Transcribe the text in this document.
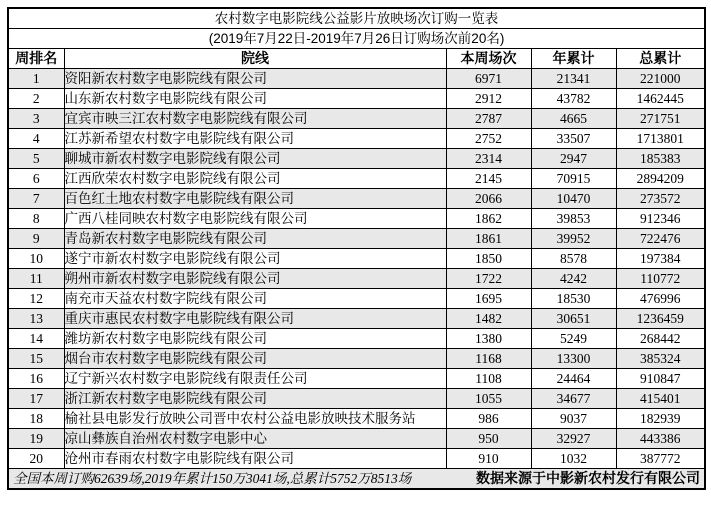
农村数字电影院线公益影片放映场次订购一览表				
(2019年7月22日-2019年7月26日订购场次前20名)				
周排名	院线	本周场次	年累计	总累计
1	资阳新农村数字电影院线有限公司	6971	21341	221000
2	山东新农村数字电影院线有限公司	2912	43782	1462445
3	宜宾市映三江农村数字电影院线有限公司	2787	4665	271751
4	江苏新希望农村数字电影院线有限公司	2752	33507	1713801
5	聊城市新农村数字电影院线有限公司	2314	2947	185383
6	江西欣荣农村数字电影院线有限公司	2145	70915	2894209
7	百色红土地农村数字电影院线有限公司	2066	10470	273572
8	广西八桂同映农村数字电影院线有限公司	1862	39853	912346
9	青岛新农村数字电影院线有限公司	1861	39952	722476
10	遂宁市新农村数字电影院线有限公司	1850	8578	197384
11	朔州市新农村数字电影院线有限公司	1722	4242	110772
12	南充市天益农村数字院线有限公司	1695	18530	476996
13	重庆市惠民农村数字电影院线有限公司	1482	30651	1236459
14	潍坊新农村数字电影院线有限公司	1380	5249	268442
15	烟台市农村数字电影院线有限公司	1168	13300	385324
16	辽宁新兴农村数字电影院线有限责任公司	1108	24464	910847
17	浙江新农村数字电影院线有限公司	1055	34677	415401
18	榆社县电影发行放映公司晋中农村公益电影放映技术服务站	986	9037	182939
19	凉山彝族自治州农村数字电影中心	950	32927	443386
20	沧州市春雨农村数字电影院线有限公司	910	1032	387772

全国本周订购62639场,2019年累计150万3041场,总累计5752万8513场 数据来源于中影新农村发行有限公司				
